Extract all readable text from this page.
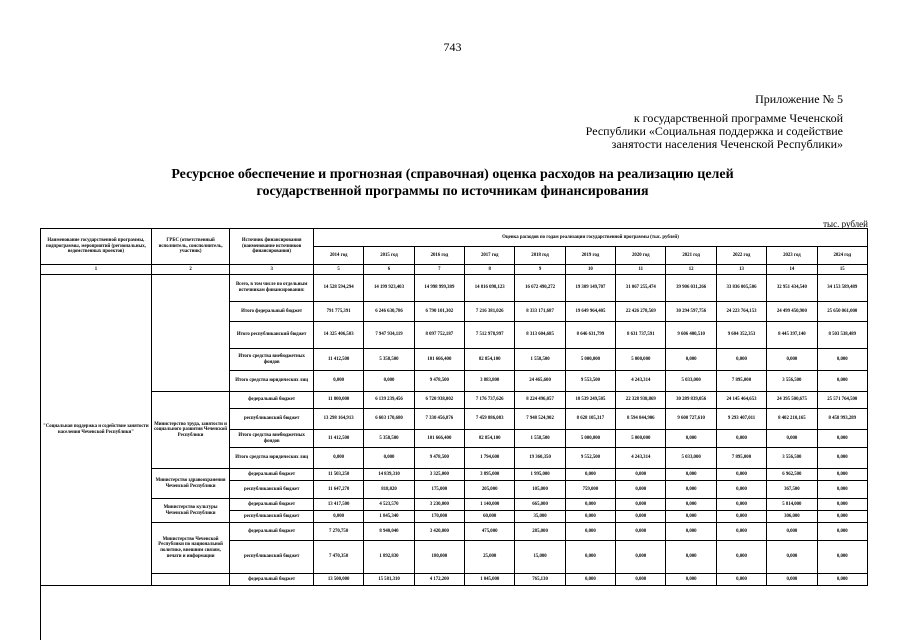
743
Приложение № 5
к государственной программе Чеченской
Республики «Социальная поддержка и содействие
занятости населения Чеченской Республики»
Ресурсное обеспечение и прогнозная (справочная) оценка расходов на реализацию целей
государственной программы по источникам финансирования
тыс. рублей
Наименование государственной программы, подпрограммы, мероприятий (региональных, ведомственных проектов)	ГРБС (ответственный исполнитель, соисполнитель, участник)	Источник финансирования (наименование источников финансирования)	Оценка расходов по годам реализации государственной программы (тыс. рублей)										
			2014 год	2015 год	2016 год	2017 год	2018 год	2019 год	2020 год	2021 год	2022 год	2023 год	2024 год
1	2	3	5	6	7	8	9	10	11	12	13	14	15
"Социальная поддержка и содействие занятости населения Чеченской Республики"		Всего, в том числе по отдельным источникам финансирования:	14 528 594,294	14 199 923,403	14 998 999,389	14 816 098,123	16 672 490,272	19 309 149,707	31 067 255,474	39 906 031,266	33 836 005,506	32 951 434,540	34 153 589,489
		Итого федеральный бюджет	791 775,391	6 246 630,786	6 790 101,302	7 216 381,026	8 333 171,687	19 649 964,405	22 426 278,569	30 294 597,756	24 223 764,153	24 499 450,900	25 650 061,000
		Итого республиканский бюджет	14 325 406,503	7 947 934,119	8 097 752,187	7 512 978,997	8 313 604,685	8 646 631,799	8 631 737,591	9 606 400,510	9 604 352,353	8 445 397,140	8 503 538,489
		Итого средства внебюджетных фондов	11 412,500	5 358,500	101 666,400	82 854,100	1 558,500	5 000,000	5 000,000	0,000	0,000	0,000	0,000
		Итого средства юридических лиц	0,000	0,000	9 478,500	3 883,800	24 465,600	9 553,500	4 243,314	5 033,000	7 895,000	3 556,500	0,000
	Министерство труда, занятости и социального развития Чеченской Республики	федеральный бюджет	11 800,000	6 139 239,456	6 720 938,002	7 176 737,626	8 224 496,057	10 539 249,505	22 328 938,869	30 289 839,056	24 145 464,653	24 395 500,675	25 571 764,500
		республиканский бюджет	13 298 164,913	6 603 170,680	7 330 456,876	7 459 886,083	7 948 524,902	8 628 105,317	8 594 844,906	9 600 727,610	9 293 407,011	8 402 210,165	8 458 993,289
		Итого средства внебюджетных фондов	11 412,500	5 358,500	101 666,400	82 854,100	1 558,500	5 000,000	5 000,000	0,000	0,000	0,000	0,000
		Итого средства юридических лиц	0,000	0,000	9 478,500	1 794,600	19 360,350	9 552,500	4 243,314	5 033,000	7 895,000	3 556,500	0,000
	Министерство здравоохранения Чеченской Республики	федеральный бюджет	11 503,250	14 839,310	3 325,000	3 895,000	1 995,000	0,000	0,000	0,000	0,000	6 962,500	0,000
		республиканский бюджет	11 647,270	818,020	175,000	205,000	105,000	759,000	0,000	0,000	0,000	367,500	0,000
	Министерство культуры Чеченской Республики	федеральный бюджет	13 417,500	4 523,570	3 230,000	1 140,000	665,000	0,000	0,000	0,000	0,000	5 814,000	0,000
		республиканский бюджет	0,000	1 845,340	170,000	60,000	35,000	0,000	0,000	0,000	0,000	306,000	0,000
	Министерство Чеченской Республики по национальной политике, внешним связям, печати и информации	федеральный бюджет	7 270,750	8 940,040	3 420,000	475,000	285,000	0,000	0,000	0,000	0,000	0,000	0,000
		республиканский бюджет	7 470,350	1 892,830	180,000	25,000	15,000	0,000	0,000	0,000	0,000	0,000	0,000
		федеральный бюджет	13 500,000	15 581,310	4 172,200	1 045,000	765,130	0,000	0,000	0,000	0,000	0,000	0,000
